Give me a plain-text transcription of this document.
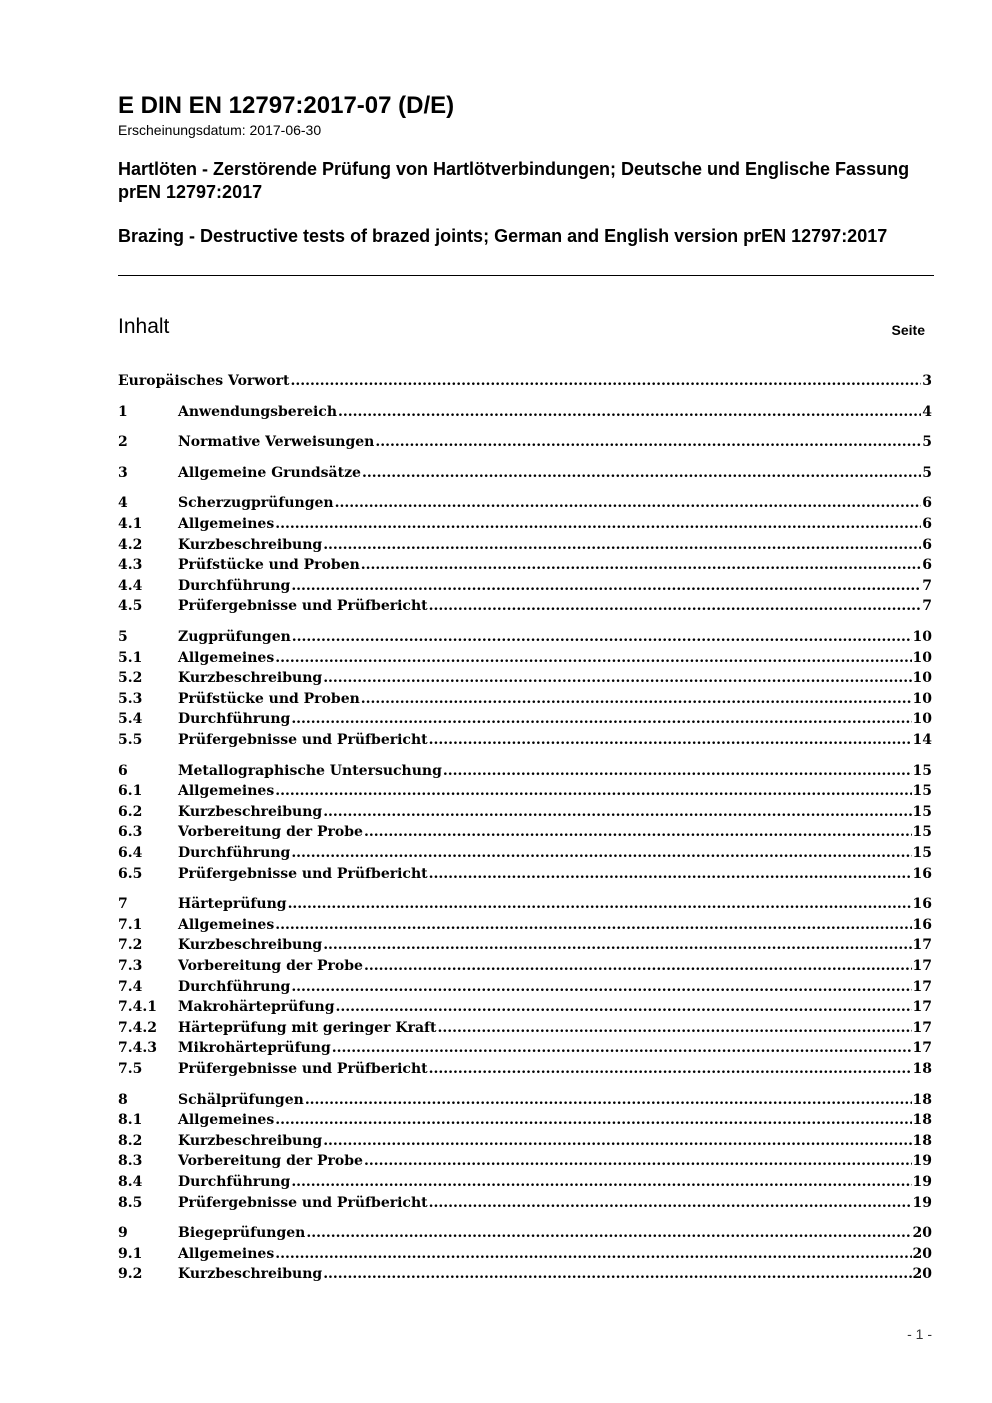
E DIN EN 12797:2017-07 (D/E)
Erscheinungsdatum: 2017-06-30
Hartlöten - Zerstörende Prüfung von Hartlötverbindungen; Deutsche und Englische Fassung prEN 12797:2017
Brazing - Destructive tests of brazed joints; German and English version prEN 12797:2017
Inhalt	Seite
Europäisches Vorwort .....	3
1	Anwendungsbereich .....	4
2	Normative Verweisungen .....	5
3	Allgemeine Grundsätze .....	5
4	Scherzugprüfungen .....	6
4.1	Allgemeines .....	6
4.2	Kurzbeschreibung .....	6
4.3	Prüfstücke und Proben .....	6
4.4	Durchführung .....	7
4.5	Prüfergebnisse und Prüfbericht .....	7
5	Zugprüfungen .....	10
5.1	Allgemeines .....	10
5.2	Kurzbeschreibung .....	10
5.3	Prüfstücke und Proben .....	10
5.4	Durchführung .....	10
5.5	Prüfergebnisse und Prüfbericht .....	14
6	Metallographische Untersuchung .....	15
6.1	Allgemeines .....	15
6.2	Kurzbeschreibung .....	15
6.3	Vorbereitung der Probe .....	15
6.4	Durchführung .....	15
6.5	Prüfergebnisse und Prüfbericht .....	16
7	Härteprüfung .....	16
7.1	Allgemeines .....	16
7.2	Kurzbeschreibung .....	17
7.3	Vorbereitung der Probe .....	17
7.4	Durchführung .....	17
7.4.1	Makrohärteprüfung .....	17
7.4.2	Härteprüfung mit geringer Kraft .....	17
7.4.3	Mikrohärteprüfung .....	17
7.5	Prüfergebnisse und Prüfbericht .....	18
8	Schälprüfungen .....	18
8.1	Allgemeines .....	18
8.2	Kurzbeschreibung .....	18
8.3	Vorbereitung der Probe .....	19
8.4	Durchführung .....	19
8.5	Prüfergebnisse und Prüfbericht .....	19
9	Biegeprüfungen .....	20
9.1	Allgemeines .....	20
9.2	Kurzbeschreibung .....	20
- 1 -
